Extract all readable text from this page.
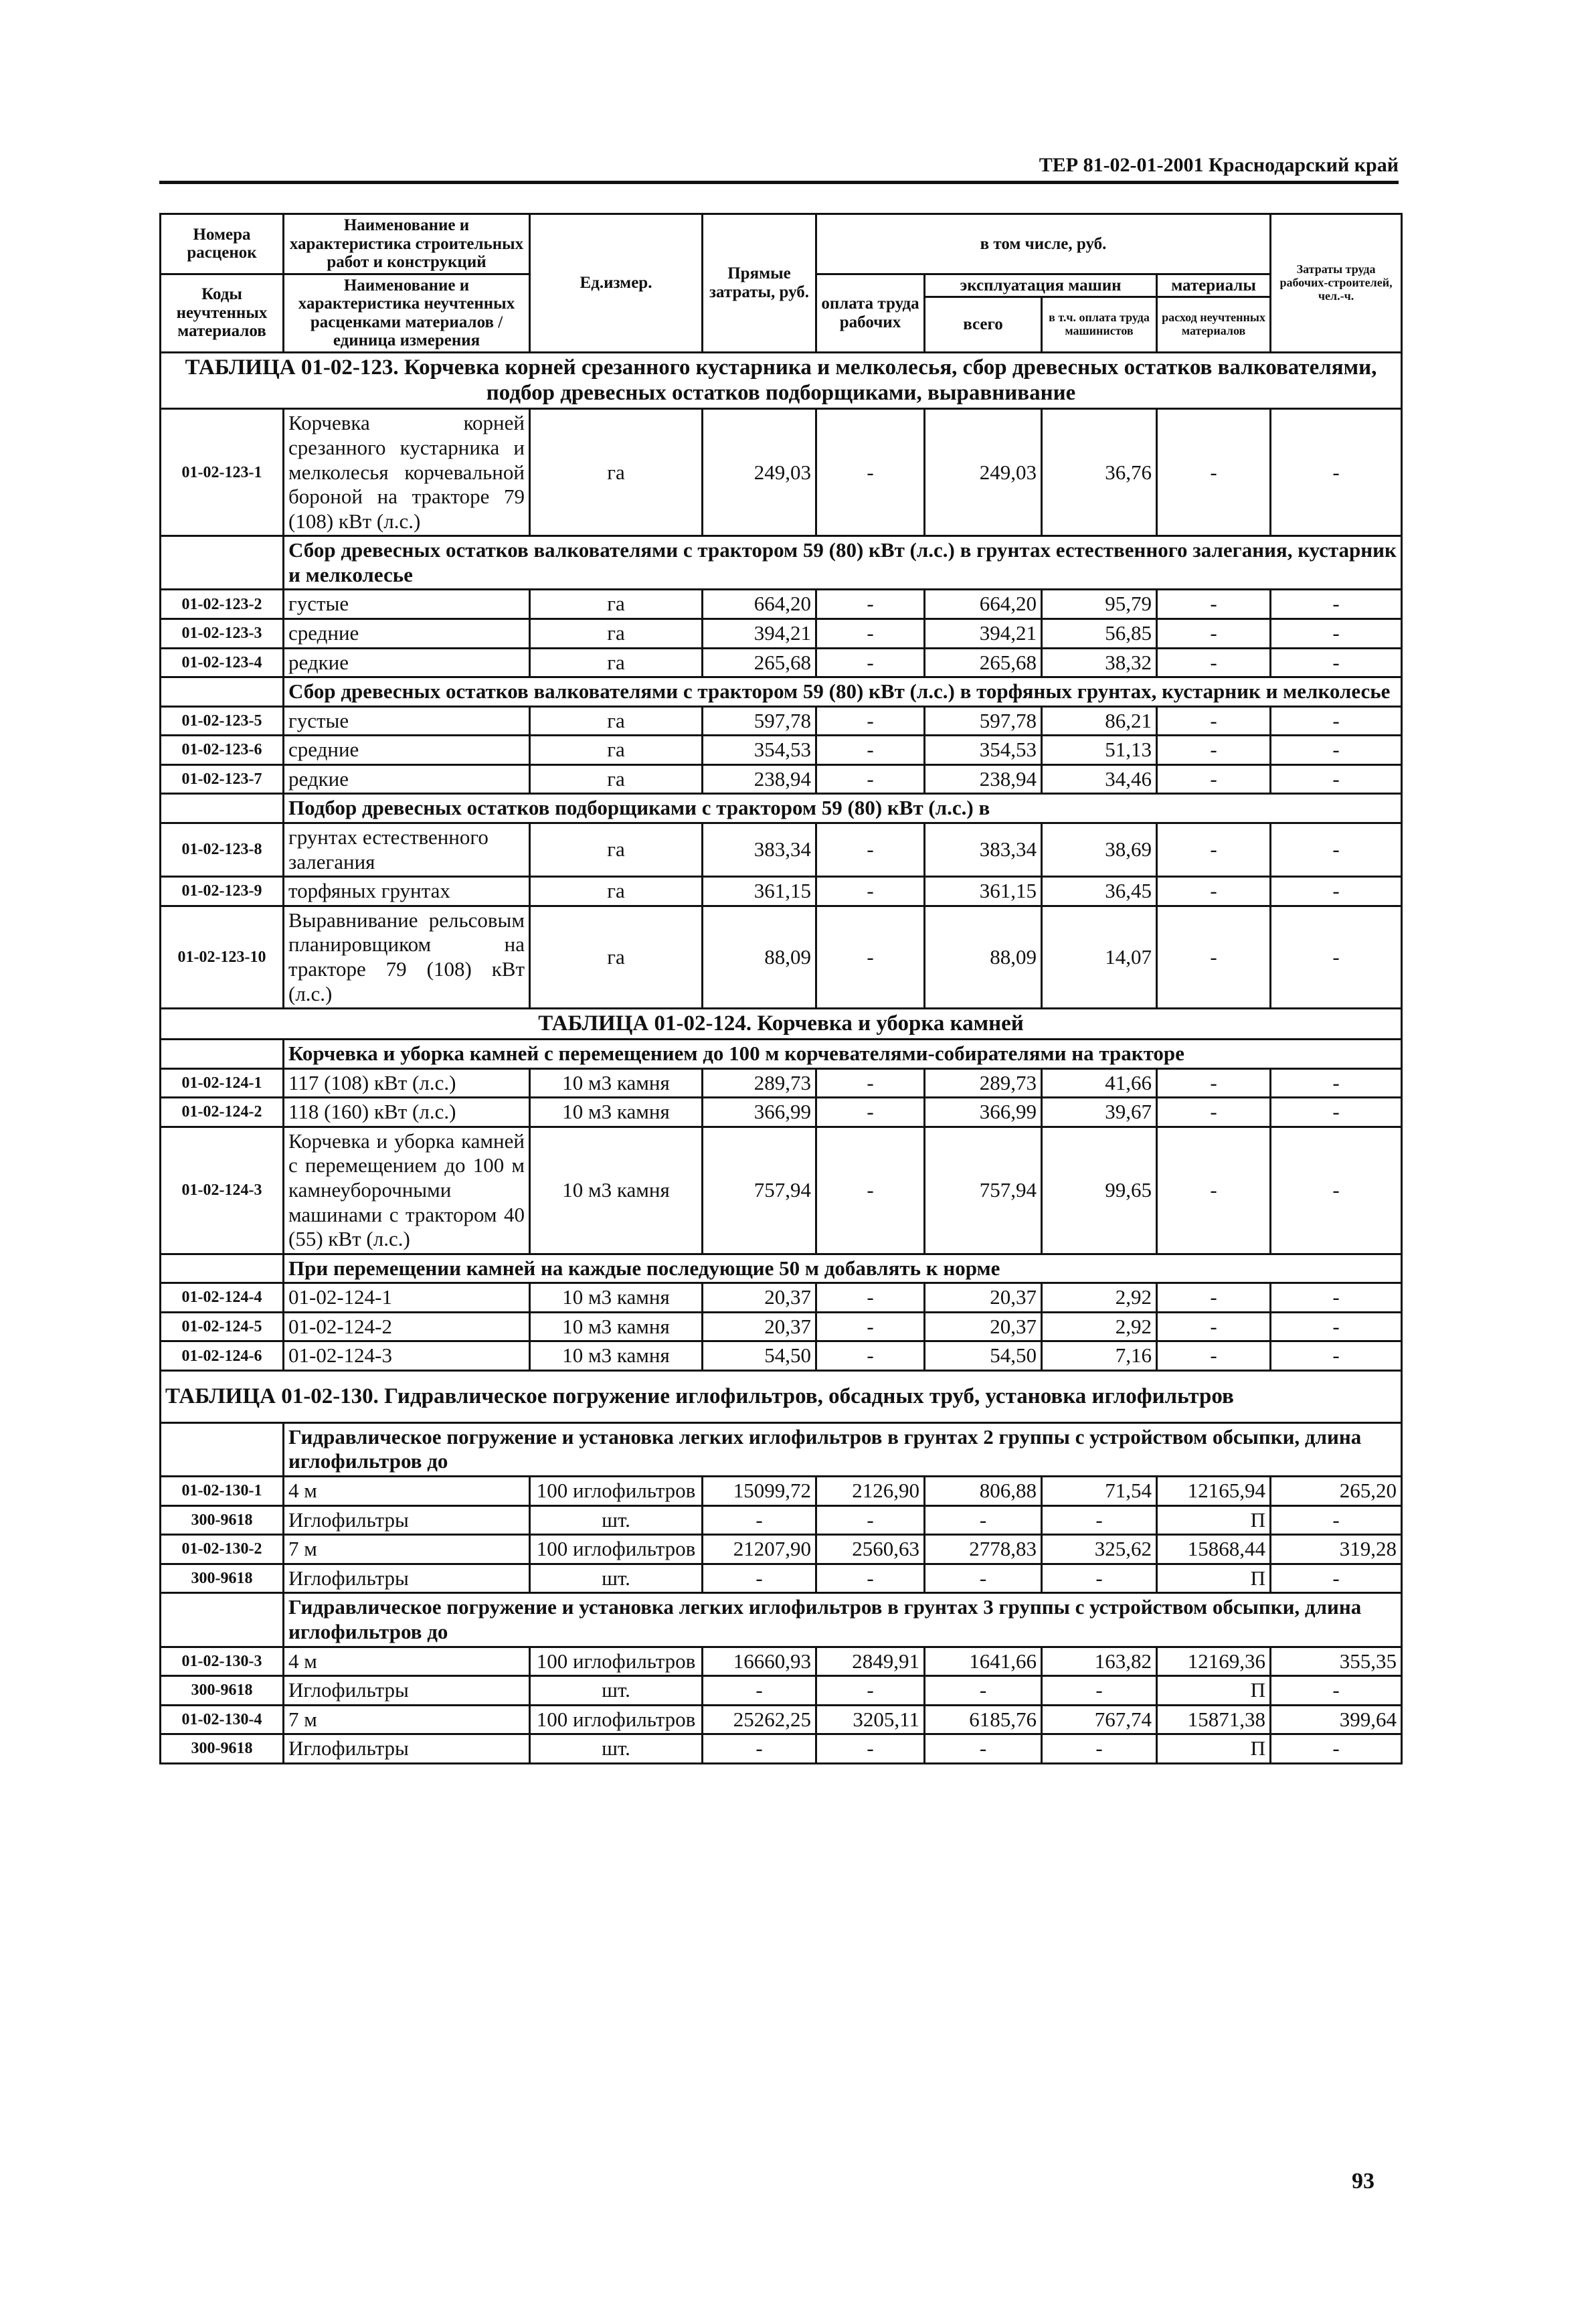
ТЕР 81-02-01-2001 Краснодарский край
Номера расценок	Наименование и характеристика строительных работ и конструкций	Ед.измер.	Прямые затраты, руб.	в том числе, руб.				Затраты труда рабочих-строителей, чел.-ч.
Коды неучтенных материалов	Наименование и характеристика неучтенных расценками материалов / единица измерения			оплата труда рабочих	эксплуатация машин		материалы	
					всего	в т.ч. оплата труда машинистов	расход неучтенных материалов	

ТАБЛИЦА 01-02-123. Корчевка корней срезанного кустарника и мелколесья, сбор древесных остатков валкователями, подбор древесных остатков подборщиками, выравнивание								
01-02-123-1	Корчевка корней срезанного кустарника и мелколесья корчевальной бороной на тракторе 79 (108) кВт (л.с.)	га	249,03	-	249,03	36,76	-	-
	Сбор древесных остатков валкователями с трактором 59 (80) кВт (л.с.) в грунтах естественного залегания, кустарник и мелколесье							
01-02-123-2	густые	га	664,20	-	664,20	95,79	-	-
01-02-123-3	средние	га	394,21	-	394,21	56,85	-	-
01-02-123-4	редкие	га	265,68	-	265,68	38,32	-	-
	Сбор древесных остатков валкователями с трактором 59 (80) кВт (л.с.) в торфяных грунтах, кустарник и мелколесье							
01-02-123-5	густые	га	597,78	-	597,78	86,21	-	-
01-02-123-6	средние	га	354,53	-	354,53	51,13	-	-
01-02-123-7	редкие	га	238,94	-	238,94	34,46	-	-
	Подбор древесных остатков подборщиками с трактором 59 (80) кВт (л.с.) в							
01-02-123-8	грунтах естественного залегания	га	383,34	-	383,34	38,69	-	-
01-02-123-9	торфяных грунтах	га	361,15	-	361,15	36,45	-	-
01-02-123-10	Выравнивание рельсовым планировщиком на тракторе 79 (108) кВт (л.с.)	га	88,09	-	88,09	14,07	-	-
ТАБЛИЦА 01-02-124. Корчевка и уборка камней								
	Корчевка и уборка камней с перемещением до 100 м корчевателями-собирателями на тракторе							
01-02-124-1	117 (108) кВт (л.с.)	10 м3 камня	289,73	-	289,73	41,66	-	-
01-02-124-2	118 (160) кВт (л.с.)	10 м3 камня	366,99	-	366,99	39,67	-	-
01-02-124-3	Корчевка и уборка камней с перемещением до 100 м камнеуборочными машинами с трактором 40 (55) кВт (л.с.)	10 м3 камня	757,94	-	757,94	99,65	-	-
	При перемещении камней на каждые последующие 50 м добавлять к норме							
01-02-124-4	01-02-124-1	10 м3 камня	20,37	-	20,37	2,92	-	-
01-02-124-5	01-02-124-2	10 м3 камня	20,37	-	20,37	2,92	-	-
01-02-124-6	01-02-124-3	10 м3 камня	54,50	-	54,50	7,16	-	-
ТАБЛИЦА 01-02-130. Гидравлическое погружение иглофильтров, обсадных труб, установка иглофильтров								
	Гидравлическое погружение и установка легких иглофильтров в грунтах 2 группы с устройством обсыпки, длина иглофильтров до							
01-02-130-1	4 м	100 иглофильтров	15099,72	2126,90	806,88	71,54	12165,94	265,20
300-9618	Иглофильтры	шт.	-	-	-	-	П	-
01-02-130-2	7 м	100 иглофильтров	21207,90	2560,63	2778,83	325,62	15868,44	319,28
300-9618	Иглофильтры	шт.	-	-	-	-	П	-
	Гидравлическое погружение и установка легких иглофильтров в грунтах 3 группы с устройством обсыпки, длина иглофильтров до							
01-02-130-3	4 м	100 иглофильтров	16660,93	2849,91	1641,66	163,82	12169,36	355,35
300-9618	Иглофильтры	шт.	-	-	-	-	П	-
01-02-130-4	7 м	100 иглофильтров	25262,25	3205,11	6185,76	767,74	15871,38	399,64
300-9618	Иглофильтры	шт.	-	-	-	-	П	-
93
